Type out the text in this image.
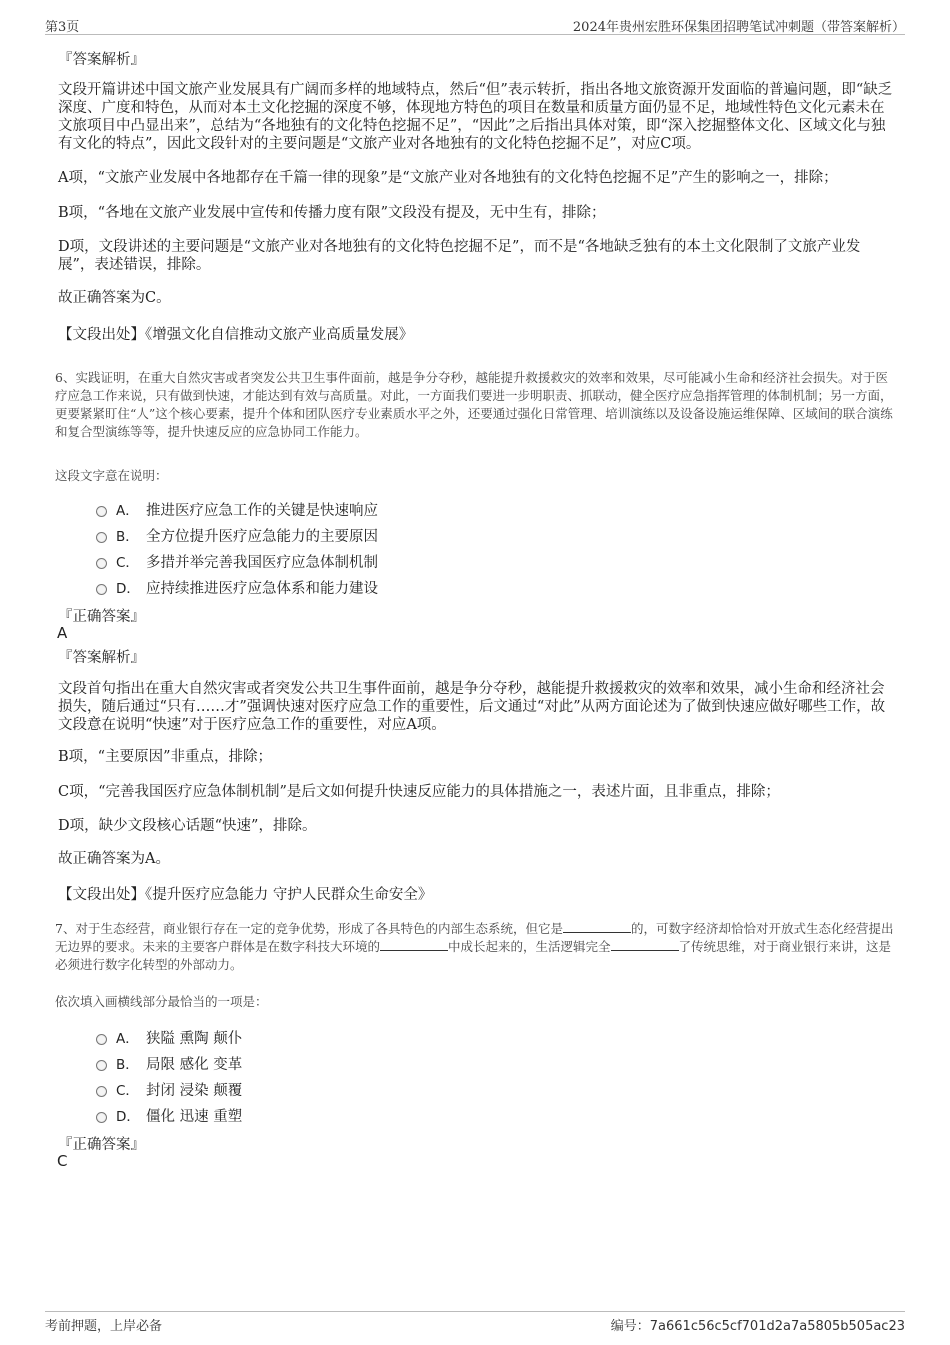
第3页	2024年贵州宏胜环保集团招聘笔试冲刺题（带答案解析）
『答案解析』
文段开篇讲述中国文旅产业发展具有广阔而多样的地域特点，然后“但”表示转折，指出各地文旅资源开发面临的普遍问题，即“缺乏深度、广度和特色，从而对本土文化挖掘的深度不够，体现地方特色的项目在数量和质量方面仍显不足，地域性特色文化元素未在文旅项目中凸显出来”，总结为“各地独有的文化特色挖掘不足”，“因此”之后指出具体对策，即“深入挖掘整体文化、区域文化与独有文化的特点”，因此文段针对的主要问题是“文旅产业对各地独有的文化特色挖掘不足”，对应C项。
A项，“文旅产业发展中各地都存在千篇一律的现象”是“文旅产业对各地独有的文化特色挖掘不足”产生的影响之一，排除；
B项，“各地在文旅产业发展中宣传和传播力度有限”文段没有提及，无中生有，排除；
D项，文段讲述的主要问题是“文旅产业对各地独有的文化特色挖掘不足”，而不是“各地缺乏独有的本土文化限制了文旅产业发展”，表述错误，排除。
故正确答案为C。
【文段出处】《增强文化自信推动文旅产业高质量发展》
6、实践证明，在重大自然灾害或者突发公共卫生事件面前，越是争分夺秒，越能提升救援救灾的效率和效果，尽可能减小生命和经济社会损失。对于医疗应急工作来说，只有做到快速，才能达到有效与高质量。对此，一方面我们要进一步明职责、抓联动，健全医疗应急指挥管理的体制机制；另一方面，更要紧紧盯住“人”这个核心要素，提升个体和团队医疗专业素质水平之外，还要通过强化日常管理、培训演练以及设备设施运维保障、区域间的联合演练和复合型演练等等，提升快速反应的应急协同工作能力。
这段文字意在说明：
A． 推进医疗应急工作的关键是快速响应
B． 全方位提升医疗应急能力的主要原因
C． 多措并举完善我国医疗应急体制机制
D． 应持续推进医疗应急体系和能力建设
『正确答案』
A
『答案解析』
文段首句指出在重大自然灾害或者突发公共卫生事件面前，越是争分夺秒，越能提升救援救灾的效率和效果，减小生命和经济社会损失，随后通过“只有……才”强调快速对医疗应急工作的重要性，后文通过“对此”从两方面论述为了做到快速应做好哪些工作，故文段意在说明“快速”对于医疗应急工作的重要性，对应A项。
B项，“主要原因”非重点，排除；
C项，“完善我国医疗应急体制机制”是后文如何提升快速反应能力的具体措施之一，表述片面，且非重点，排除；
D项，缺少文段核心话题“快速”，排除。
故正确答案为A。
【文段出处】《提升医疗应急能力 守护人民群众生命安全》
7、对于生态经营，商业银行存在一定的竞争优势，形成了各具特色的内部生态系统，但它是	的，可数字经济却恰恰对开放式生态化经营提出无边界的要求。未来的主要客户群体是在数字科技大环境的	中成长起来的，生活逻辑完全	了传统思维，对于商业银行来讲，这是必须进行数字化转型的外部动力。
依次填入画横线部分最恰当的一项是：
A． 狭隘 熏陶 颠仆
B． 局限 感化 变革
C． 封闭 浸染 颠覆
D． 僵化 迅速 重塑
『正确答案』
C
考前押题，上岸必备	编号：7a661c56c5cf701d2a7a5805b505ac23
